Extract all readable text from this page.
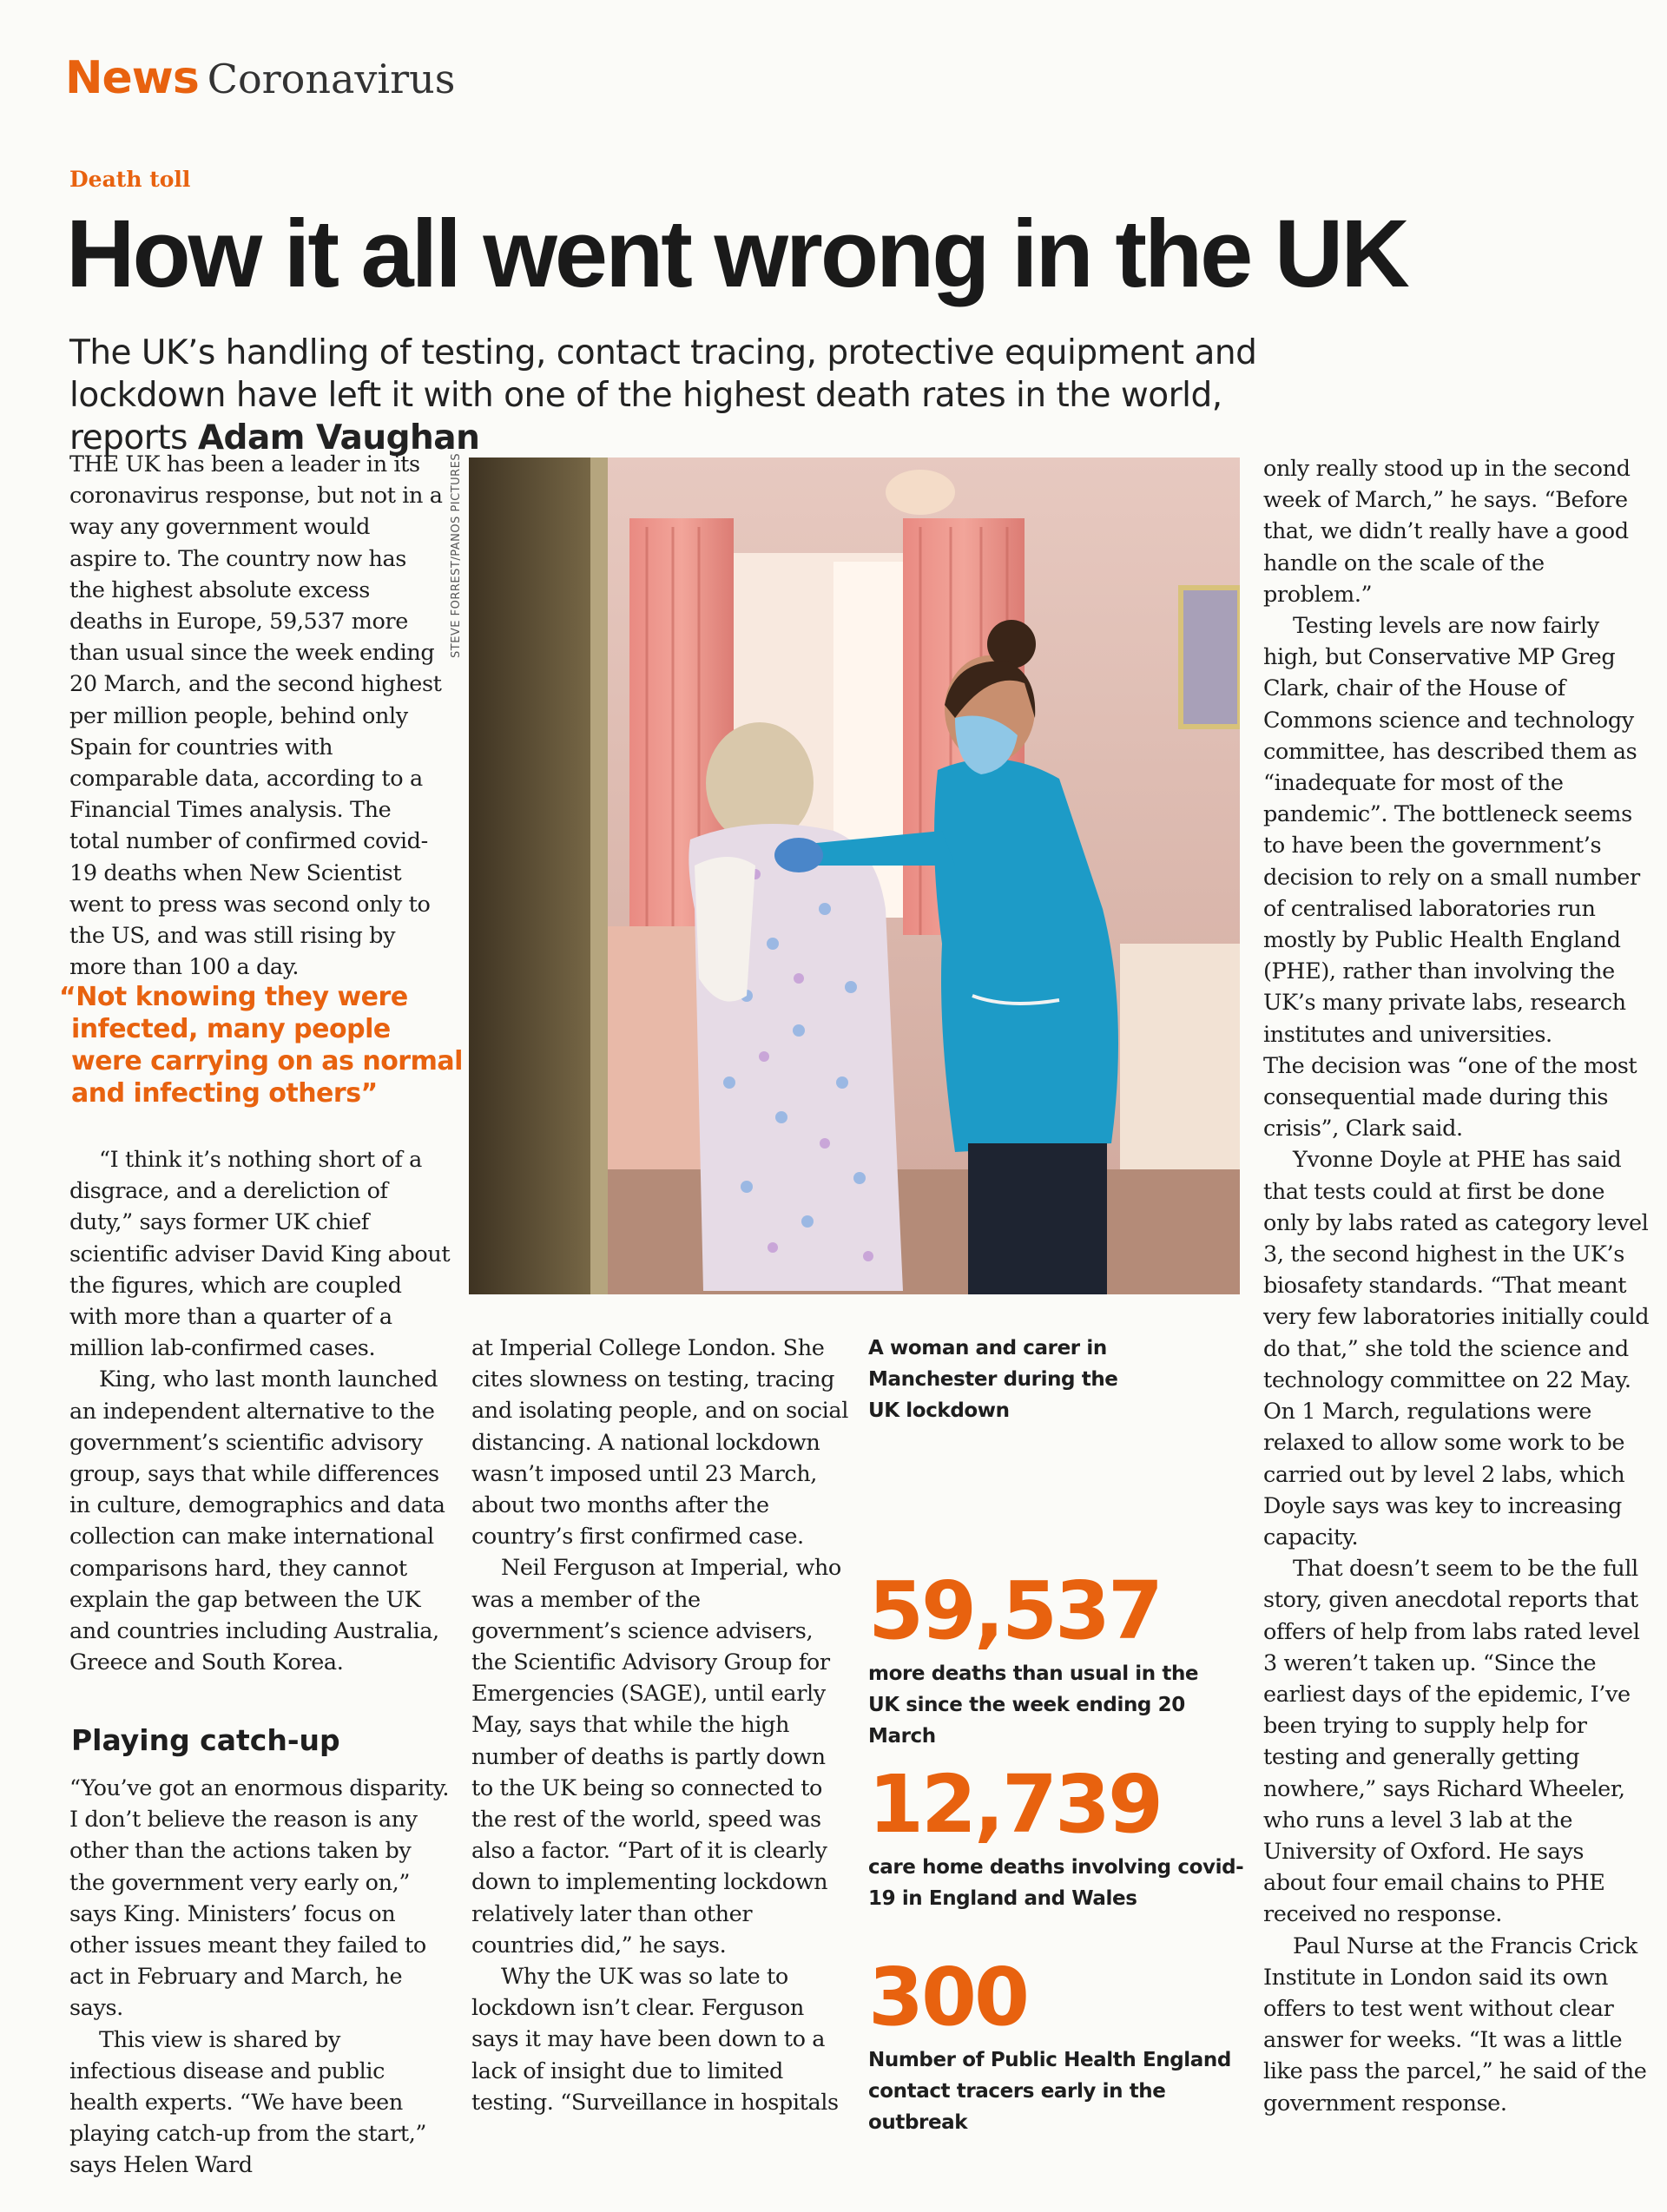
News Coronavirus
Death toll
How it all went wrong in the UK
The UK’s handling of testing, contact tracing, protective equipment and lockdown have left it with one of the highest death rates in the world, reports Adam Vaughan

THE UK has been a leader in its coronavirus response, but not in a way any government would aspire to. The country now has the highest absolute excess deaths in Europe, 59,537 more than usual since the week ending 20 March, and the second highest per million people, behind only Spain for countries with comparable data, according to a Financial Times analysis. The total number of confirmed covid-19 deaths when New Scientist went to press was second only to the US, and was still rising by more than 100 a day.

“Not knowing they were infected, many people were carrying on as normal and infecting others”

“I think it’s nothing short of a disgrace, and a dereliction of duty,” says former UK chief scientific adviser David King about the figures, which are coupled with more than a quarter of a million lab-confirmed cases.

King, who last month launched an independent alternative to the government’s scientific advisory group, says that while differences in culture, demographics and data collection can make international comparisons hard, they cannot explain the gap between the UK and countries including Australia, Greece and South Korea.

Playing catch-up

“You’ve got an enormous disparity. I don’t believe the reason is any other than the actions taken by the government very early on,” says King. Ministers’ focus on other issues meant they failed to act in February and March, he says.

This view is shared by infectious disease and public health experts. “We have been playing catch-up from the start,” says Helen Ward

STEVE FORREST/PANOS PICTURES
A woman and carer in Manchester during the UK lockdown

at Imperial College London. She cites slowness on testing, tracing and isolating people, and on social distancing. A national lockdown wasn’t imposed until 23 March, about two months after the country’s first confirmed case.

Neil Ferguson at Imperial, who was a member of the government’s science advisers, the Scientific Advisory Group for Emergencies (SAGE), until early May, says that while the high number of deaths is partly down to the UK being so connected to the rest of the world, speed was also a factor. “Part of it is clearly down to implementing lockdown relatively later than other countries did,” he says.

Why the UK was so late to lockdown isn’t clear. Ferguson says it may have been down to a lack of insight due to limited testing. “Surveillance in hospitals

59,537
more deaths than usual in the UK since the week ending 20 March
12,739
care home deaths involving covid-19 in England and Wales
300
Number of Public Health England contact tracers early in the outbreak

only really stood up in the second week of March,” he says. “Before that, we didn’t really have a good handle on the scale of the problem.”

Testing levels are now fairly high, but Conservative MP Greg Clark, chair of the House of Commons science and technology committee, has described them as “inadequate for most of the pandemic”. The bottleneck seems to have been the government’s decision to rely on a small number of centralised laboratories run mostly by Public Health England (PHE), rather than involving the UK’s many private labs, research institutes and universities.

The decision was “one of the most consequential made during this crisis”, Clark said.

Yvonne Doyle at PHE has said that tests could at first be done only by labs rated as category level 3, the second highest in the UK’s biosafety standards. “That meant very few laboratories initially could do that,” she told the science and technology committee on 22 May. On 1 March, regulations were relaxed to allow some work to be carried out by level 2 labs, which Doyle says was key to increasing capacity.

That doesn’t seem to be the full story, given anecdotal reports that offers of help from labs rated level 3 weren’t taken up. “Since the earliest days of the epidemic, I’ve been trying to supply help for testing and generally getting nowhere,” says Richard Wheeler, who runs a level 3 lab at the University of Oxford. He says about four email chains to PHE received no response.

Paul Nurse at the Francis Crick Institute in London said its own offers to test went without clear answer for weeks. “It was a little like pass the parcel,” he said of the government response.
